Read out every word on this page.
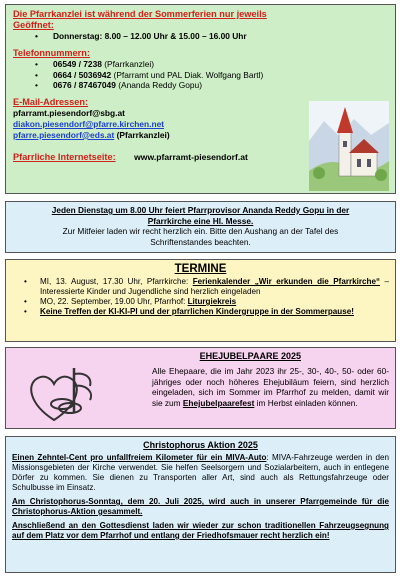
Die Pfarrkanzlei ist während der Sommerferien nur jeweils
Geöffnet:
• Donnerstag: 8.00 – 12.00 Uhr & 15.00 – 16.00 Uhr
Telefonnummern:
• 06549 / 7238 (Pfarrkanzlei)
• 0664 / 5036942 (Pfarramt und PAL Diak. Wolfgang Bartl)
• 0676 / 87467049 (Ananda Reddy Gopu)
E-Mail-Adressen:
pfarramt.piesendorf@sbg.at
diakon.piesendorf@pfarre.kirchen.net
pfarre.piesendorf@eds.at (Pfarrkanzlei)
Pfarrliche Internetseite: www.pfarramt-piesendorf.at
Jeden Dienstag um 8.00 Uhr feiert Pfarrprovisor Ananda Reddy Gopu in der
Pfarrkirche eine Hl. Messe.
Zur Mitfeier laden wir recht herzlich ein. Bitte den Aushang an der Tafel des
Schriftenstandes beachten.
TERMINE
• MI, 13. August, 17.30 Uhr, Pfarrkirche: Ferienkalender „Wir erkunden die Pfarrkirche“ – Interessierte Kinder und Jugendliche sind herzlich eingeladen
• MO, 22. September, 19.00 Uhr, Pfarrhof: Liturgiekreis
• Keine Treffen der KI-KI-PI und der pfarrlichen Kindergruppe in der Sommerpause!
EHEJUBELPAARE 2025

Alle Ehepaare, die im Jahr 2023 ihr 25-, 30-, 40-, 50- oder 60-jähriges oder noch höheres Ehejubiläum feiern, sind herzlich eingeladen, sich im Sommer im Pfarrhof zu melden, damit wir sie zum Ehejubelpaarefest im Herbst einladen können.

Christophorus Aktion 2025

Einen Zehntel-Cent pro unfallfreiem Kilometer für ein MIVA-Auto: MIVA-Fahrzeuge werden in den Missionsgebieten der Kirche verwendet. Sie helfen Seelsorgern und Sozialarbeitern, auch in entlegene Dörfer zu kommen. Sie dienen zu Transporten aller Art, sind auch als Rettungsfahrzeuge oder Schulbusse im Einsatz.

Am Christophorus-Sonntag, dem 20. Juli 2025, wird auch in unserer Pfarrgemeinde für die Christophorus-Aktion gesammelt.

Anschließend an den Gottesdienst laden wir wieder zur schon traditionellen Fahrzeugsegnung auf dem Platz vor dem Pfarrhof und entlang der Friedhofsmauer recht herzlich ein!
